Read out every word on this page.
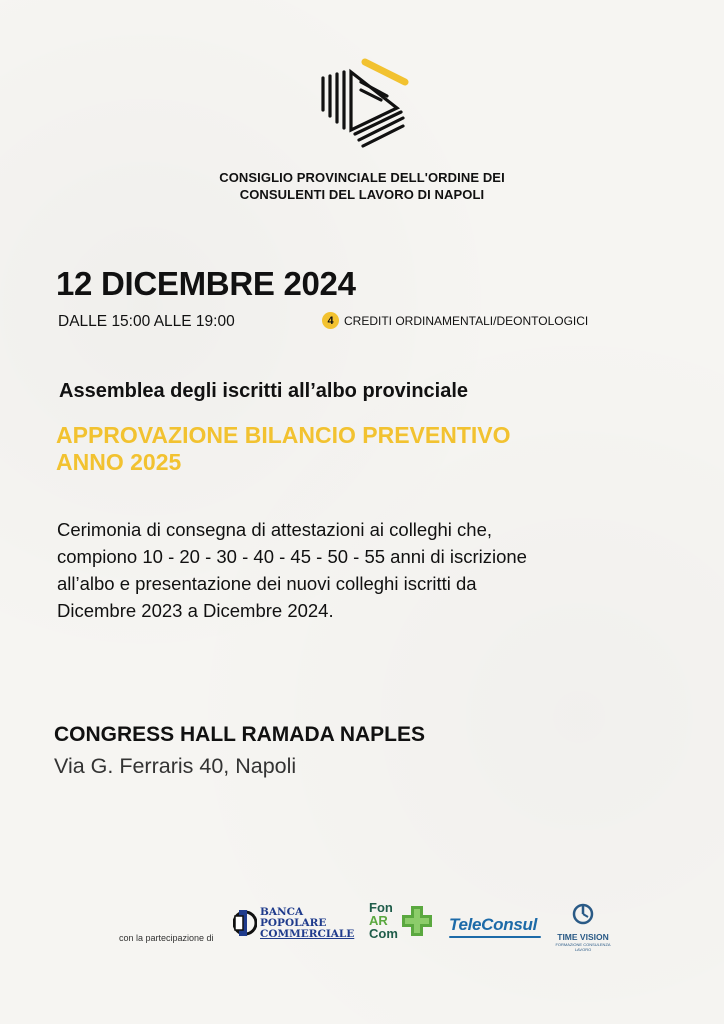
CONSIGLIO PROVINCIALE DELL'ORDINE DEI
CONSULENTI DEL LAVORO DI NAPOLI
12 DICEMBRE 2024
DALLE 15:00 ALLE 19:00	4 CREDITI ORDINAMENTALI/DEONTOLOGICI
Assemblea degli iscritti all’albo provinciale
APPROVAZIONE BILANCIO PREVENTIVO
ANNO 2025
Cerimonia di consegna di attestazioni ai colleghi che,
compiono 10 - 20 - 30 - 40 - 45 - 50 - 55 anni di iscrizione
all’albo e presentazione dei nuovi colleghi iscritti da
Dicembre 2023 a Dicembre 2024.
CONGRESS HALL RAMADA NAPLES
Via G. Ferraris 40, Napoli
con la partecipazione di
BANCA
POPOLARE
COMMERCIALE
Fon
AR
Com	TeleConsul
TIME VISION
FORMAZIONE CONSULENZA LAVORO
